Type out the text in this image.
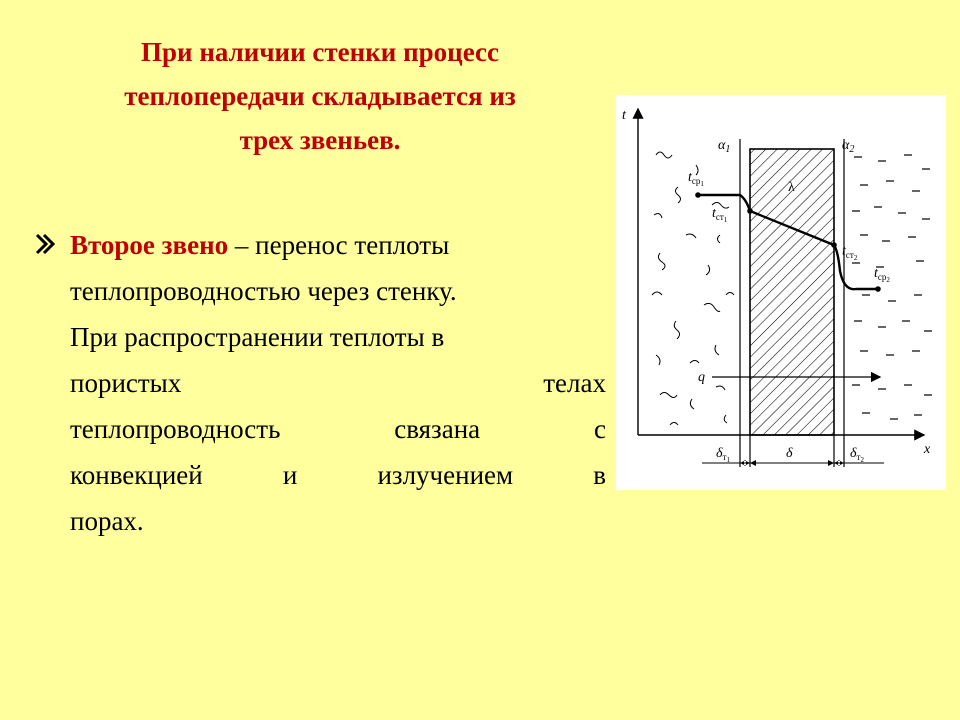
При наличии стенки процесс
теплопередачи складывается из
трех звеньев.
Второе звено – перенос теплоты
теплопроводностью через стенку.
При распространении теплоты в
пористых	телах
теплопроводность	связана	с
конвекцией	и	излучением	в
порах.
t
x
$\alpha_1$	$\alpha_2$
λ
$t_{ср}1$
$t_{ст}1$
$t_{ст}2$
$t_{ср}2$
q
$\delta_т1$	δ	$\delta_т2$
